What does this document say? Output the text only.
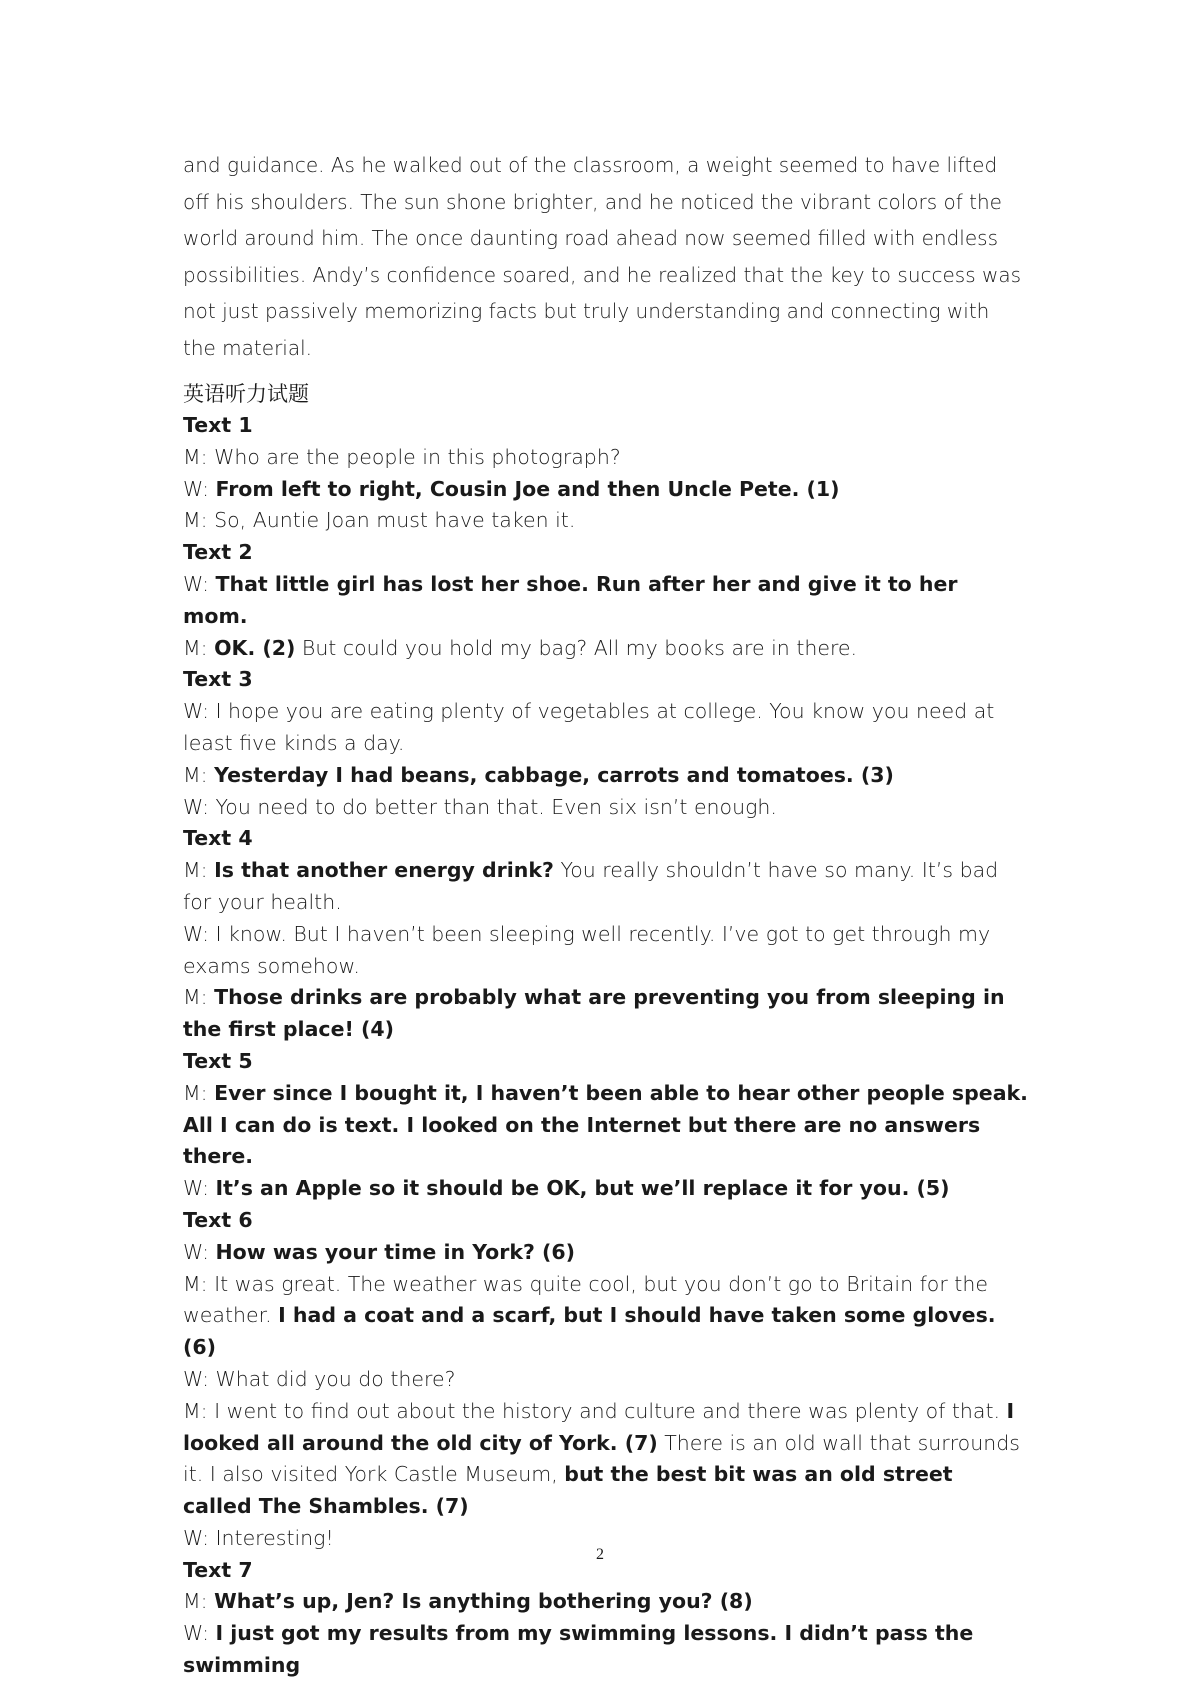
and guidance. As he walked out of the classroom, a weight seemed to have lifted off his shoulders. The sun shone brighter, and he noticed the vibrant colors of the world around him. The once daunting road ahead now seemed filled with endless possibilities. Andy’s confidence soared, and he realized that the key to success was not just passively memorizing facts but truly understanding and connecting with the material.

英语听力试题

Text 1

M: Who are the people in this photograph?

W: From left to right, Cousin Joe and then Uncle Pete. (1)

M: So, Auntie Joan must have taken it.

Text 2

W: That little girl has lost her shoe. Run after her and give it to her mom.

M: OK. (2) But could you hold my bag? All my books are in there.

Text 3

W: I hope you are eating plenty of vegetables at college. You know you need at least five kinds a day.

M: Yesterday I had beans, cabbage, carrots and tomatoes. (3)

W: You need to do better than that. Even six isn’t enough.

Text 4

M: Is that another energy drink? You really shouldn’t have so many. It’s bad for your health.

W: I know. But I haven’t been sleeping well recently. I’ve got to get through my exams somehow.

M: Those drinks are probably what are preventing you from sleeping in the first place! (4)

Text 5

M: Ever since I bought it, I haven’t been able to hear other people speak. All I can do is text. I looked on the Internet but there are no answers there.

W: It’s an Apple so it should be OK, but we’ll replace it for you. (5)

Text 6

W: How was your time in York? (6)

M: It was great. The weather was quite cool, but you don’t go to Britain for the weather. I had a coat and a scarf, but I should have taken some gloves. (6)

W: What did you do there?

M: I went to find out about the history and culture and there was plenty of that. I looked all around the old city of York. (7) There is an old wall that surrounds it. I also visited York Castle Museum, but the best bit was an old street called The Shambles. (7)

W: Interesting!

Text 7

M: What’s up, Jen? Is anything bothering you? (8)

W: I just got my results from my swimming lessons. I didn’t pass the swimming

2
